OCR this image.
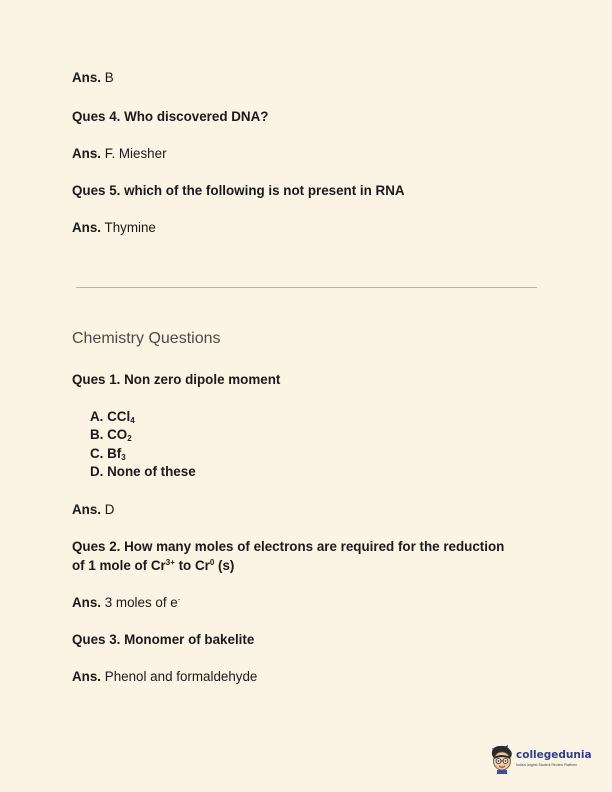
Ans. B
Ques 4. Who discovered DNA?
Ans. F. Miesher
Ques 5. which of the following is not present in RNA
Ans. Thymine
Chemistry Questions
Ques 1. Non zero dipole moment
A. CCl$_4$
B. $CO_2$
C. $Bf_3$
D. None of these
Ans. D
Ques 2. How many moles of electrons are required for the reduction
of 1 mole of $Cr^{3+}$ to Cr$^0$ (s)
Ans. 3 moles of e-
Ques 3. Monomer of bakelite
Ans. Phenol and formaldehyde
collegedunia
India's largest Student Review Platform
